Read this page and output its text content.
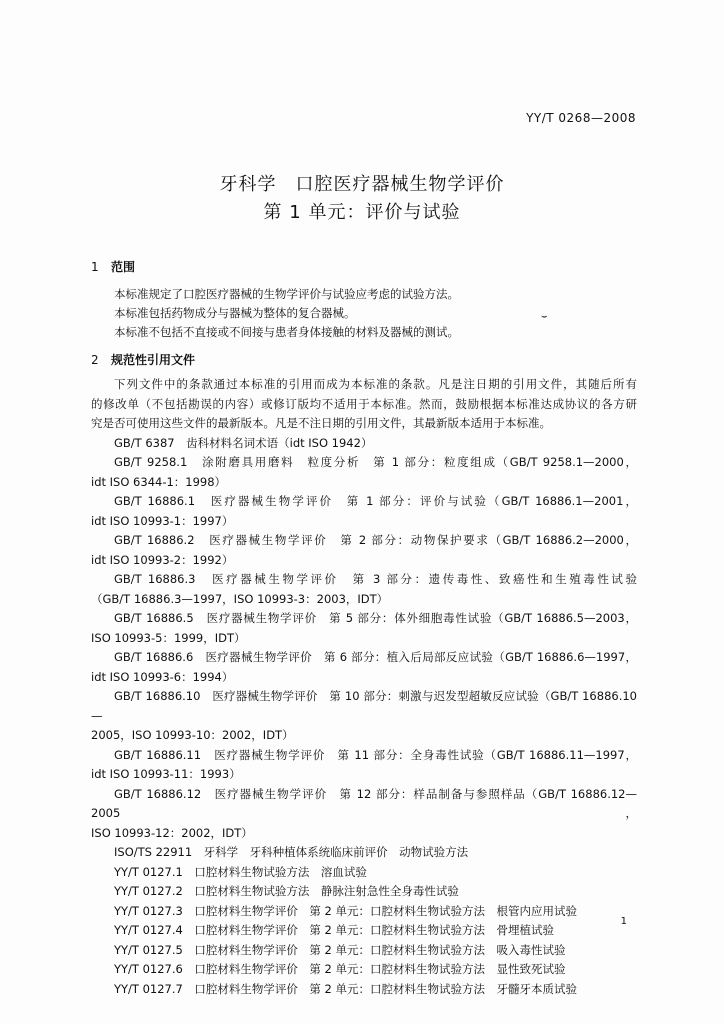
YY/T 0268—2008
牙科学　口腔医疗器械生物学评价
第 1 单元：评价与试验
1 范围
本标准规定了口腔医疗器械的生物学评价与试验应考虑的试验方法。
本标准包括药物成分与器械为整体的复合器械。	⌣
本标准不包括不直接或不间接与患者身体接触的材料及器械的测试。
2 规范性引用文件

下列文件中的条款通过本标准的引用而成为本标准的条款。凡是注日期的引用文件，其随后所有

的修改单（不包括勘误的内容）或修订版均不适用于本标准。然而，鼓励根据本标准达成协议的各方研

究是否可使用这些文件的最新版本。凡是不注日期的引用文件，其最新版本适用于本标准。

GB/T 6387　齿科材料名词术语（idt ISO 1942）

GB/T 9258.1　涂附磨具用磨料　粒度分析　第 1 部分：粒度组成（GB/T 9258.1—2000，

idt ISO 6344-1：1998）

GB/T 16886.1　医疗器械生物学评价　第 1 部分：评价与试验（GB/T 16886.1—2001，

idt ISO 10993-1：1997）

GB/T 16886.2　医疗器械生物学评价　第 2 部分：动物保护要求（GB/T 16886.2—2000，

idt ISO 10993-2：1992）

GB/T 16886.3　医疗器械生物学评价　第 3 部分：遗传毒性、致癌性和生殖毒性试验

（GB/T 16886.3—1997，ISO 10993-3：2003，IDT）

GB/T 16886.5　医疗器械生物学评价　第 5 部分：体外细胞毒性试验（GB/T 16886.5—2003，

ISO 10993-5：1999，IDT）

GB/T 16886.6　医疗器械生物学评价　第 6 部分：植入后局部反应试验（GB/T 16886.6—1997，

idt ISO 10993-6：1994）

GB/T 16886.10　医疗器械生物学评价　第 10 部分：刺激与迟发型超敏反应试验（GB/T 16886.10—

2005，ISO 10993-10：2002，IDT）

GB/T 16886.11　医疗器械生物学评价　第 11 部分：全身毒性试验（GB/T 16886.11—1997，

idt ISO 10993-11：1993）

GB/T 16886.12　医疗器械生物学评价　第 12 部分：样品制备与参照样品（GB/T 16886.12—2005，

ISO 10993-12：2002，IDT）

ISO/TS 22911　牙科学　牙科种植体系统临床前评价　动物试验方法

YY/T 0127.1　口腔材料生物试验方法　溶血试验

YY/T 0127.2　口腔材料生物试验方法　静脉注射急性全身毒性试验

YY/T 0127.3　口腔材料生物学评价　第 2 单元：口腔材料生物试验方法　根管内应用试验

YY/T 0127.4　口腔材料生物学评价　第 2 单元：口腔材料生物试验方法　骨埋植试验

YY/T 0127.5　口腔材料生物学评价　第 2 单元：口腔材料生物试验方法　吸入毒性试验

YY/T 0127.6　口腔材料生物学评价　第 2 单元：口腔材料生物试验方法　显性致死试验

YY/T 0127.7　口腔材料生物学评价　第 2 单元：口腔材料生物试验方法　牙髓牙本质试验

1
